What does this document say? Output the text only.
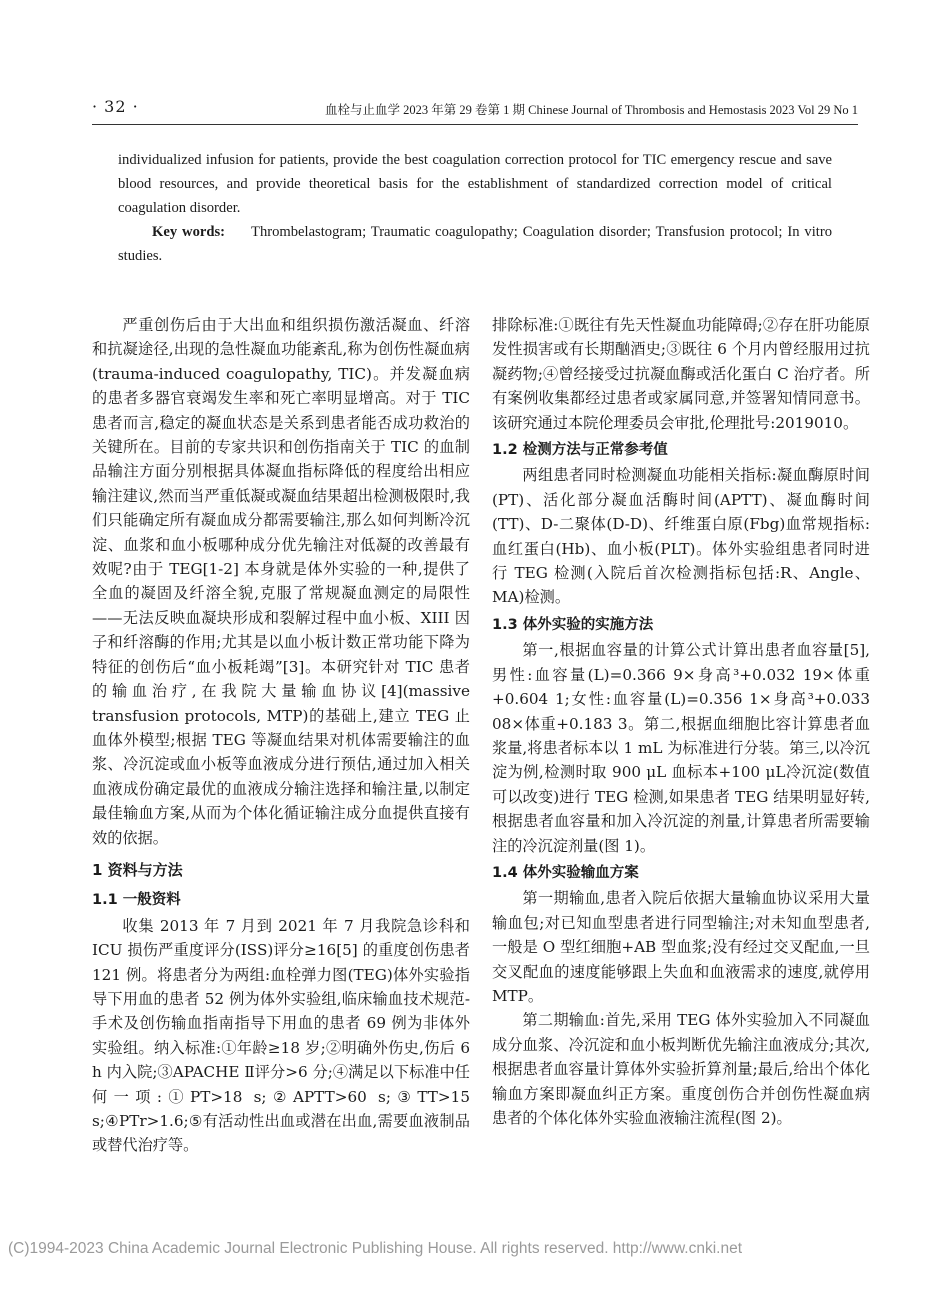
· 32 ·	血栓与止血学 2023 年第 29 卷第 1 期 Chinese Journal of Thrombosis and Hemostasis 2023 Vol 29 No 1

individualized infusion for patients, provide the best coagulation correction protocol for TIC emergency rescue and save blood resources, and provide theoretical basis for the establishment of standardized correction model of critical coagulation disorder.

Key words: Thrombelastogram; Traumatic coagulopathy; Coagulation disorder; Transfusion protocol; In vitro studies.

严重创伤后由于大出血和组织损伤激活凝血、纤溶和抗凝途径,出现的急性凝血功能紊乱,称为创伤性凝血病(trauma-induced coagulopathy, TIC)。并发凝血病的患者多器官衰竭发生率和死亡率明显增高。对于 TIC 患者而言,稳定的凝血状态是关系到患者能否成功救治的关键所在。目前的专家共识和创伤指南关于 TIC 的血制品输注方面分别根据具体凝血指标降低的程度给出相应输注建议,然而当严重低凝或凝血结果超出检测极限时,我们只能确定所有凝血成分都需要输注,那么如何判断冷沉淀、血浆和血小板哪种成分优先输注对低凝的改善最有效呢?由于 TEG[1-2] 本身就是体外实验的一种,提供了全血的凝固及纤溶全貌,克服了常规凝血测定的局限性——无法反映血凝块形成和裂解过程中血小板、XIII 因子和纤溶酶的作用;尤其是以血小板计数正常功能下降为特征的创伤后“血小板耗竭”[3]。本研究针对 TIC 患者的输血治疗,在我院大量输血协议[4](massive transfusion protocols, MTP)的基础上,建立 TEG 止血体外模型;根据 TEG 等凝血结果对机体需要输注的血浆、冷沉淀或血小板等血液成分进行预估,通过加入相关血液成份确定最优的血液成分输注选择和输注量,以制定最佳输血方案,从而为个体化循证输注成分血提供直接有效的依据。

1 资料与方法
1.1 一般资料

收集 2013 年 7 月到 2021 年 7 月我院急诊科和 ICU 损伤严重度评分(ISS)评分≥16[5] 的重度创伤患者 121 例。将患者分为两组:血栓弹力图(TEG)体外实验指导下用血的患者 52 例为体外实验组,临床输血技术规范-手术及创伤输血指南指导下用血的患者 69 例为非体外实验组。纳入标准:①年龄≥18 岁;②明确外伤史,伤后 6 h 内入院;③APACHE Ⅱ评分>6 分;④满足以下标准中任何一项:①PT>18 s;②APTT>60 s;③TT>15 s;④PTr>1.6;⑤有活动性出血或潜在出血,需要血液制品或替代治疗等。

排除标准:①既往有先天性凝血功能障碍;②存在肝功能原发性损害或有长期酗酒史;③既往 6 个月内曾经服用过抗凝药物;④曾经接受过抗凝血酶或活化蛋白 C 治疗者。所有案例收集都经过患者或家属同意,并签署知情同意书。该研究通过本院伦理委员会审批,伦理批号:2019010。

1.2 检测方法与正常参考值

两组患者同时检测凝血功能相关指标:凝血酶原时间(PT)、活化部分凝血活酶时间(APTT)、凝血酶时间(TT)、D-二聚体(D-D)、纤维蛋白原(Fbg)血常规指标:血红蛋白(Hb)、血小板(PLT)。体外实验组患者同时进行 TEG 检测(入院后首次检测指标包括:R、Angle、MA)检测。

1.3 体外实验的实施方法

第一,根据血容量的计算公式计算出患者血容量[5],男性:血容量(L)=0.366 9×身高³+0.032 19×体重+0.604 1;女性:血容量(L)=0.356 1×身高³+0.033 08×体重+0.183 3。第二,根据血细胞比容计算患者血浆量,将患者标本以 1 mL 为标准进行分装。第三,以冷沉淀为例,检测时取 900 μL 血标本+100 μL冷沉淀(数值可以改变)进行 TEG 检测,如果患者 TEG 结果明显好转,根据患者血容量和加入冷沉淀的剂量,计算患者所需要输注的冷沉淀剂量(图 1)。

1.4 体外实验输血方案

第一期输血,患者入院后依据大量输血协议采用大量输血包;对已知血型患者进行同型输注;对未知血型患者,一般是 O 型红细胞+AB 型血浆;没有经过交叉配血,一旦交叉配血的速度能够跟上失血和血液需求的速度,就停用 MTP。

第二期输血:首先,采用 TEG 体外实验加入不同凝血成分血浆、冷沉淀和血小板判断优先输注血液成分;其次,根据患者血容量计算体外实验折算剂量;最后,给出个体化输血方案即凝血纠正方案。重度创伤合并创伤性凝血病患者的个体化体外实验血液输注流程(图 2)。

(C)1994-2023 China Academic Journal Electronic Publishing House. All rights reserved. http://www.cnki.net
